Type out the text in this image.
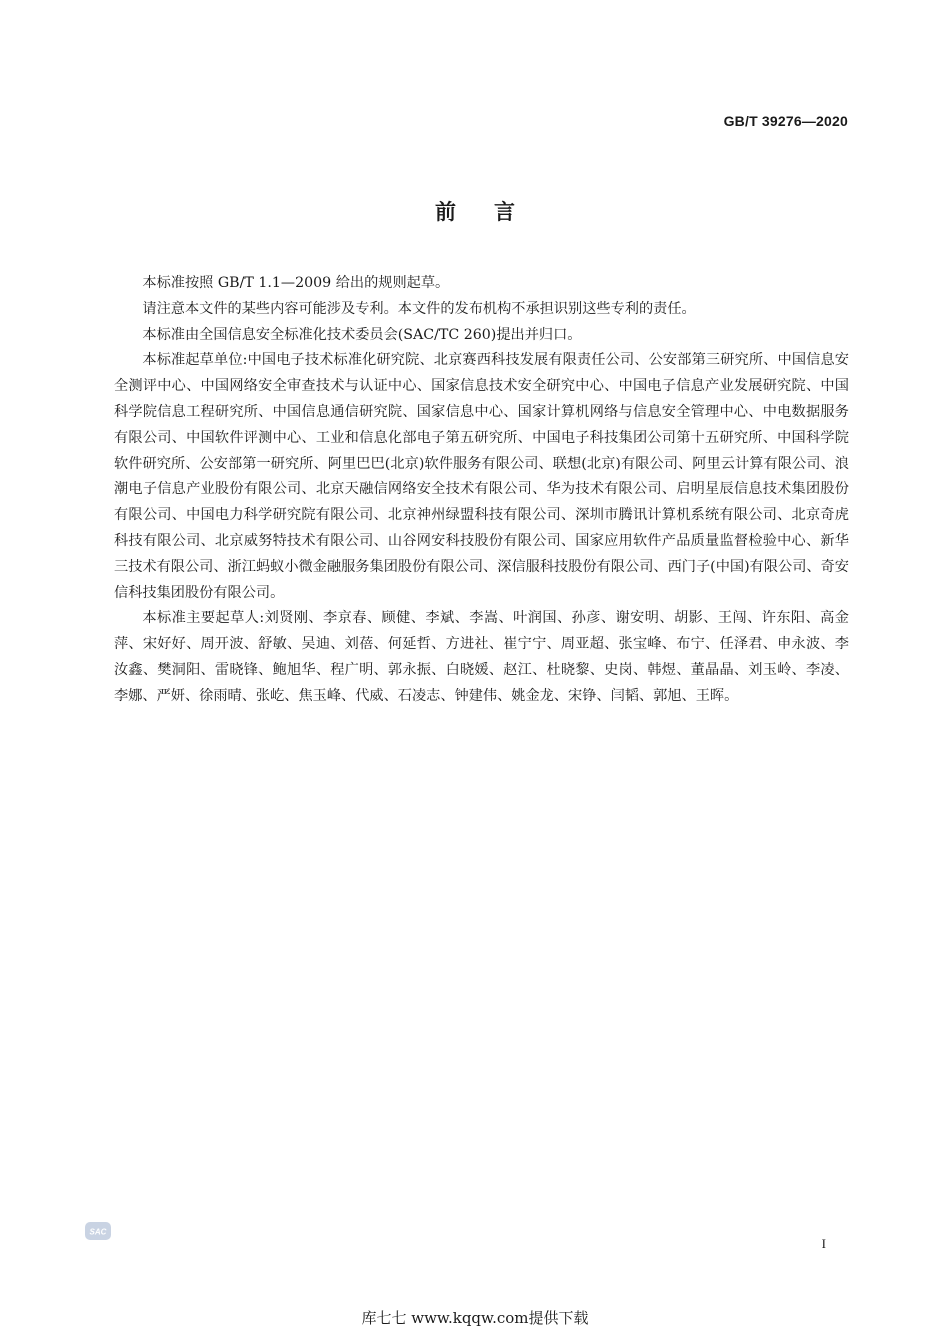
GB/T 39276—2020
前言

本标准按照 GB/T 1.1—2009 给出的规则起草。

请注意本文件的某些内容可能涉及专利。本文件的发布机构不承担识别这些专利的责任。

本标准由全国信息安全标准化技术委员会(SAC/TC 260)提出并归口。

本标准起草单位:中国电子技术标准化研究院、北京赛西科技发展有限责任公司、公安部第三研究所、中国信息安全测评中心、中国网络安全审查技术与认证中心、国家信息技术安全研究中心、中国电子信息产业发展研究院、中国科学院信息工程研究所、中国信息通信研究院、国家信息中心、国家计算机网络与信息安全管理中心、中电数据服务有限公司、中国软件评测中心、工业和信息化部电子第五研究所、中国电子科技集团公司第十五研究所、中国科学院软件研究所、公安部第一研究所、阿里巴巴(北京)软件服务有限公司、联想(北京)有限公司、阿里云计算有限公司、浪潮电子信息产业股份有限公司、北京天融信网络安全技术有限公司、华为技术有限公司、启明星辰信息技术集团股份有限公司、中国电力科学研究院有限公司、北京神州绿盟科技有限公司、深圳市腾讯计算机系统有限公司、北京奇虎科技有限公司、北京威努特技术有限公司、山谷网安科技股份有限公司、国家应用软件产品质量监督检验中心、新华三技术有限公司、浙江蚂蚁小微金融服务集团股份有限公司、深信服科技股份有限公司、西门子(中国)有限公司、奇安信科技集团股份有限公司。

本标准主要起草人:刘贤刚、李京春、顾健、李斌、李嵩、叶润国、孙彦、谢安明、胡影、王闯、许东阳、高金萍、宋好好、周开波、舒敏、吴迪、刘蓓、何延哲、方进社、崔宁宁、周亚超、张宝峰、布宁、任泽君、申永波、李汝鑫、樊洞阳、雷晓锋、鲍旭华、程广明、郭永振、白晓媛、赵江、杜晓黎、史岗、韩煜、董晶晶、刘玉岭、李凌、李娜、严妍、徐雨晴、张屹、焦玉峰、代威、石凌志、钟建伟、姚金龙、宋铮、闫韬、郭旭、王晖。

SAC
I
库七七 www.kqqw.com提供下载
